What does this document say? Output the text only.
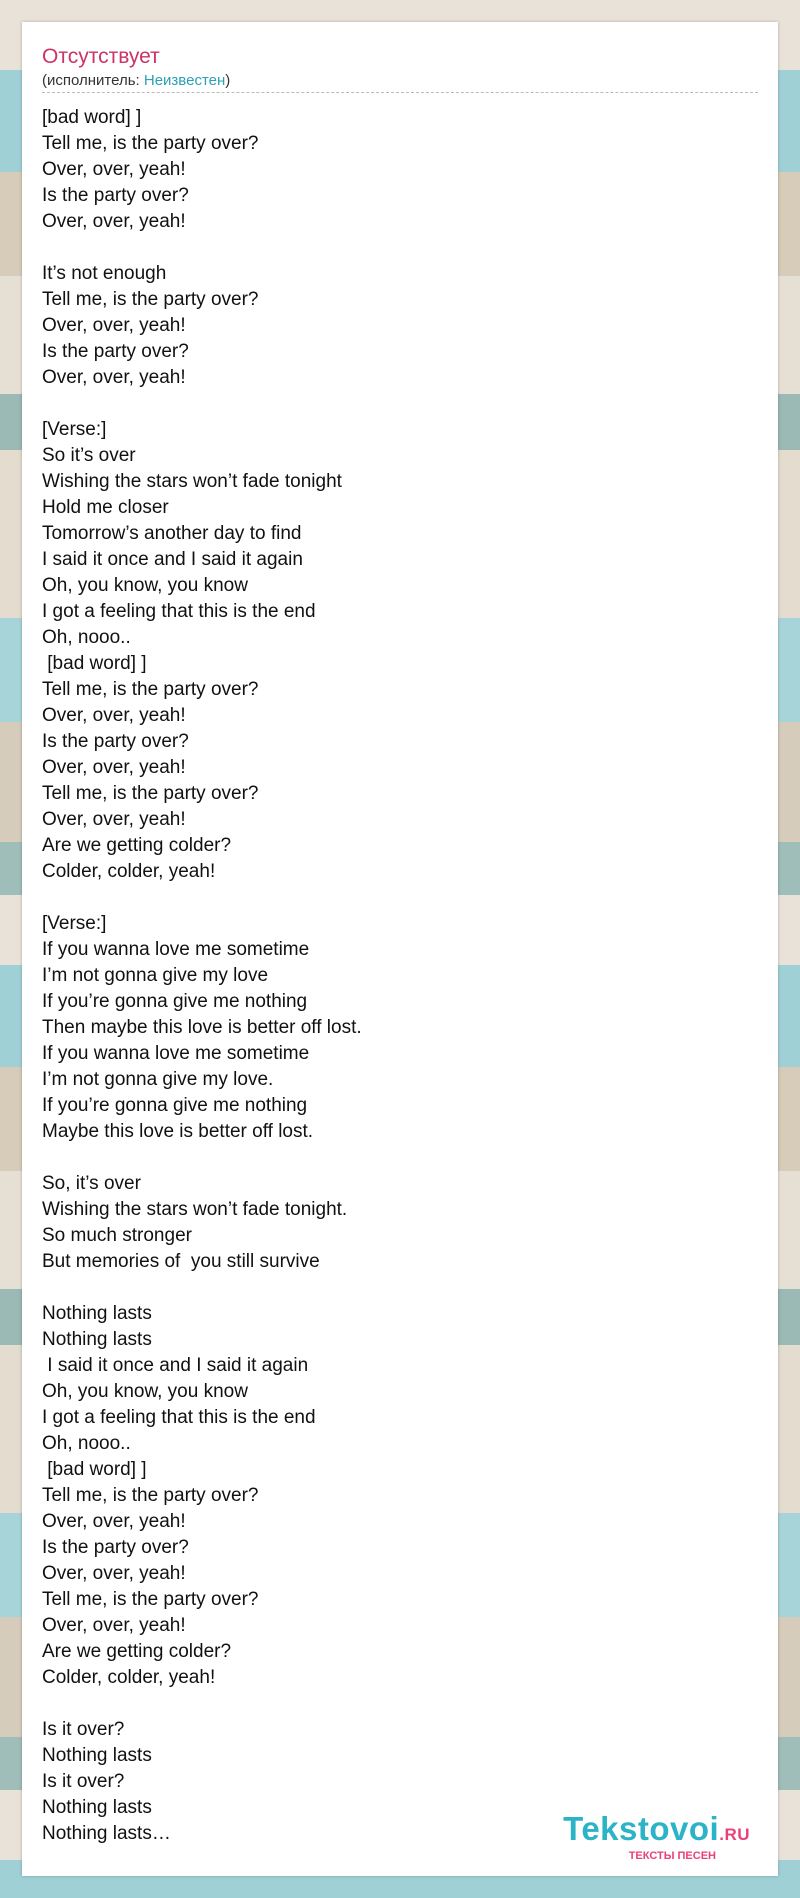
Отсутствует
(исполнитель: Неизвестен)
[bad word] ]
Tell me, is the party over?
Over, over, yeah!
Is the party over?
Over, over, yeah!
It’s not enough
Tell me, is the party over?
Over, over, yeah!
Is the party over?
Over, over, yeah!
[Verse:]
So it’s over
Wishing the stars won’t fade tonight
Hold me closer
Tomorrow’s another day to find
I said it once and I said it again
Oh, you know, you know
I got a feeling that this is the end
Oh, nooo..
[bad word] ]
Tell me, is the party over?
Over, over, yeah!
Is the party over?
Over, over, yeah!
Tell me, is the party over?
Over, over, yeah!
Are we getting colder?
Colder, colder, yeah!
[Verse:]
If you wanna love me sometime
I’m not gonna give my love
If you’re gonna give me nothing
Then maybe this love is better off lost.
If you wanna love me sometime
I’m not gonna give my love.
If you’re gonna give me nothing
Maybe this love is better off lost.
So, it’s over
Wishing the stars won’t fade tonight.
So much stronger
But memories of  you still survive
Nothing lasts
Nothing lasts
I said it once and I said it again
Oh, you know, you know
I got a feeling that this is the end
Oh, nooo..
[bad word] ]
Tell me, is the party over?
Over, over, yeah!
Is the party over?
Over, over, yeah!
Tell me, is the party over?
Over, over, yeah!
Are we getting colder?
Colder, colder, yeah!
Is it over?
Nothing lasts
Is it over?
Nothing lasts
Nothing lasts…	Tekstovoi.RU
ТЕКСТЫ ПЕСЕН
